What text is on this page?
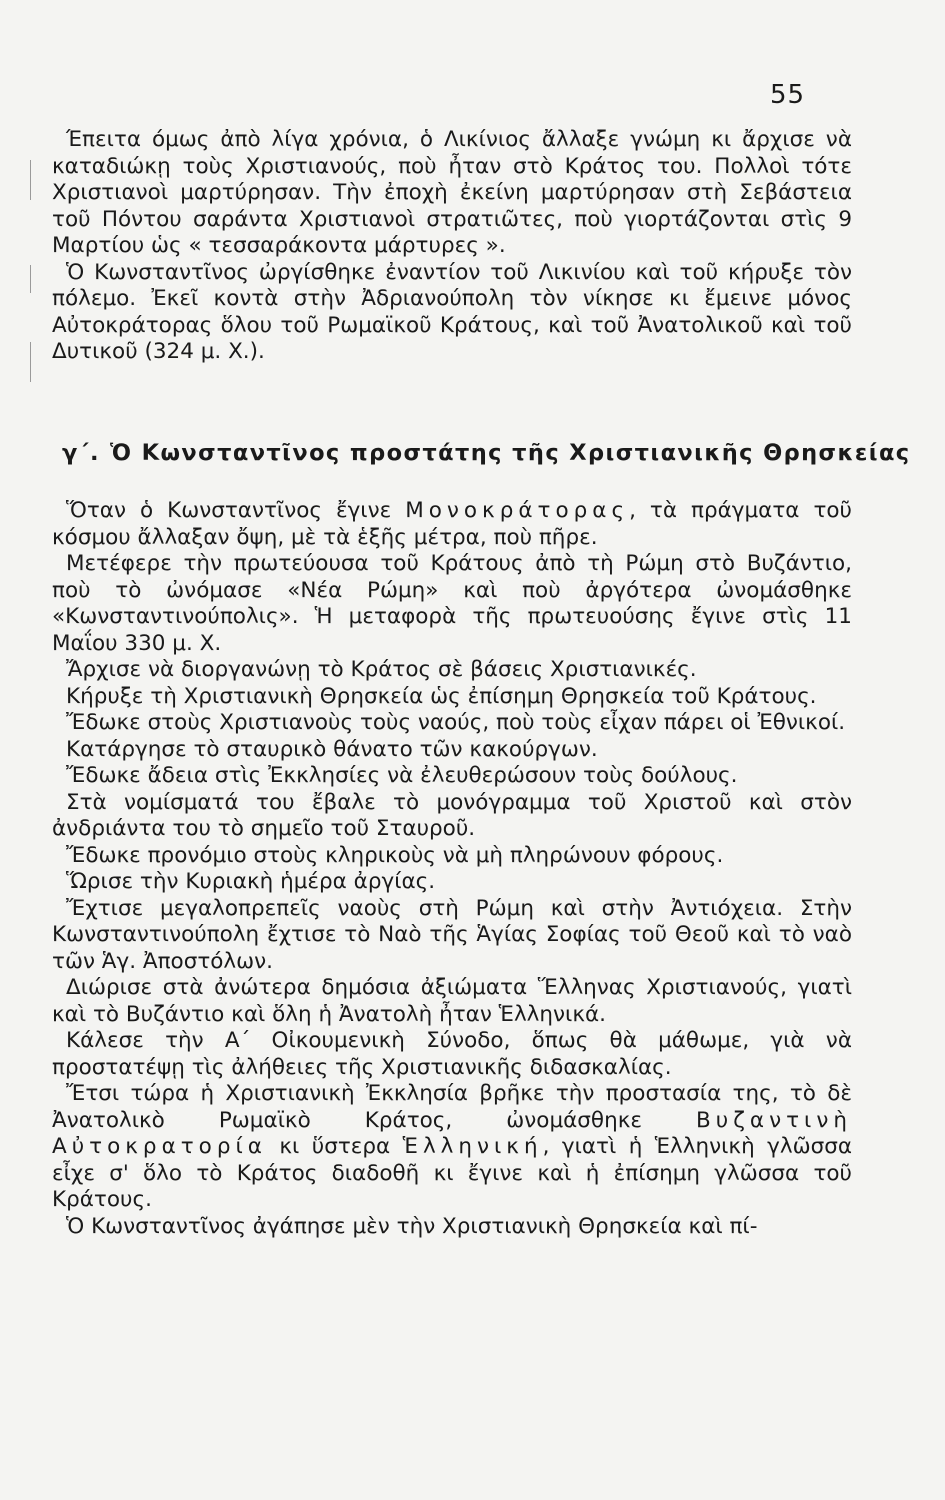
55

Έπειτα όμως ἀπὸ λίγα χρόνια, ὁ Λικίνιος ἄλλαξε γνώμη κι ἄρχισε νὰ καταδιώκῃ τοὺς Χριστιανούς, ποὺ ἦταν στὸ Κράτος του. Πολλοὶ τότε Χριστιανοὶ μαρτύρησαν. Τὴν ἐποχὴ ἐκείνη μαρτύρησαν στὴ Σεβάστεια τοῦ Πόντου σαράντα Χριστιανοὶ στρατιῶτες, ποὺ γιορτάζονται στὶς 9 Μαρτίου ὡς « τεσσαράκοντα μάρτυρες ».

Ὁ Κωνσταντῖνος ὠργίσθηκε ἐναντίον τοῦ Λικινίου καὶ τοῦ κήρυξε τὸν πόλεμο. Ἐκεῖ κοντὰ στὴν Ἀδριανούπολη τὸν νίκησε κι ἔμεινε μόνος Αὐτοκράτορας ὅλου τοῦ Ρωμαϊκοῦ Κράτους, καὶ τοῦ Ἀνατολικοῦ καὶ τοῦ Δυτικοῦ (324 μ. Χ.).

γ΄. Ὁ Κωνσταντῖνος προστάτης τῆς Χριστιανικῆς Θρησκείας

Ὅταν ὁ Κωνσταντῖνος ἔγινε Μονοκράτορας, τὰ πράγματα τοῦ κόσμου ἄλλαξαν ὄψη, μὲ τὰ ἑξῆς μέτρα, ποὺ πῆρε.

Μετέφερε τὴν πρωτεύουσα τοῦ Κράτους ἀπὸ τὴ Ρώμη στὸ Βυζάντιο, ποὺ τὸ ὠνόμασε «Νέα Ρώμη» καὶ ποὺ ἀργότερα ὠνομάσθηκε «Κωνσταντινούπολις». Ἡ μεταφορὰ τῆς πρωτευούσης ἔγινε στὶς 11 Μαΐου 330 μ. Χ.

Ἄρχισε νὰ διοργανώνῃ τὸ Κράτος σὲ βάσεις Χριστιανικές.

Κήρυξε τὴ Χριστιανικὴ Θρησκεία ὡς ἐπίσημη Θρησκεία τοῦ Κράτους.

Ἔδωκε στοὺς Χριστιανοὺς τοὺς ναούς, ποὺ τοὺς εἶχαν πάρει οἱ Ἐθνικοί.

Κατάργησε τὸ σταυρικὸ θάνατο τῶν κακούργων.

Ἔδωκε ἄδεια στὶς Ἐκκλησίες νὰ ἐλευθερώσουν τοὺς δούλους.

Στὰ νομίσματά του ἔβαλε τὸ μονόγραμμα τοῦ Χριστοῦ καὶ στὸν ἀνδριάντα του τὸ σημεῖο τοῦ Σταυροῦ.

Ἔδωκε προνόμιο στοὺς κληρικοὺς νὰ μὴ πληρώνουν φόρους.

Ὥρισε τὴν Κυριακὴ ἡμέρα ἀργίας.

Ἔχτισε μεγαλοπρεπεῖς ναοὺς στὴ Ρώμη καὶ στὴν Ἀντιόχεια. Στὴν Κωνσταντινούπολη ἔχτισε τὸ Ναὸ τῆς Ἁγίας Σοφίας τοῦ Θεοῦ καὶ τὸ ναὸ τῶν Ἁγ. Ἀποστόλων.

Διώρισε στὰ ἀνώτερα δημόσια ἀξιώματα Ἕλληνας Χριστιανούς, γιατὶ καὶ τὸ Βυζάντιο καὶ ὅλη ἡ Ἀνατολὴ ἦταν Ἑλληνικά.

Κάλεσε τὴν Α΄ Οἰκουμενικὴ Σύνοδο, ὅπως θὰ μάθωμε, γιὰ νὰ προστατέψῃ τὶς ἀλήθειες τῆς Χριστιανικῆς διδασκαλίας.

Ἔτσι τώρα ἡ Χριστιανικὴ Ἐκκλησία βρῆκε τὴν προστασία της, τὸ δὲ Ἀνατολικὸ Ρωμαϊκὸ Κράτος, ὠνομάσθηκε	Βυζαντινὴ Αὐτοκρατορία κι ὕστερα Ἑλληνική, γιατὶ ἡ Ἑλληνικὴ γλῶσσα εἶχε σ' ὅλο τὸ Κράτος διαδοθῆ κι ἔγινε καὶ ἡ ἐπίσημη γλῶσσα τοῦ Κράτους.

Ὁ Κωνσταντῖνος ἀγάπησε μὲν τὴν Χριστιανικὴ Θρησκεία καὶ πί-
